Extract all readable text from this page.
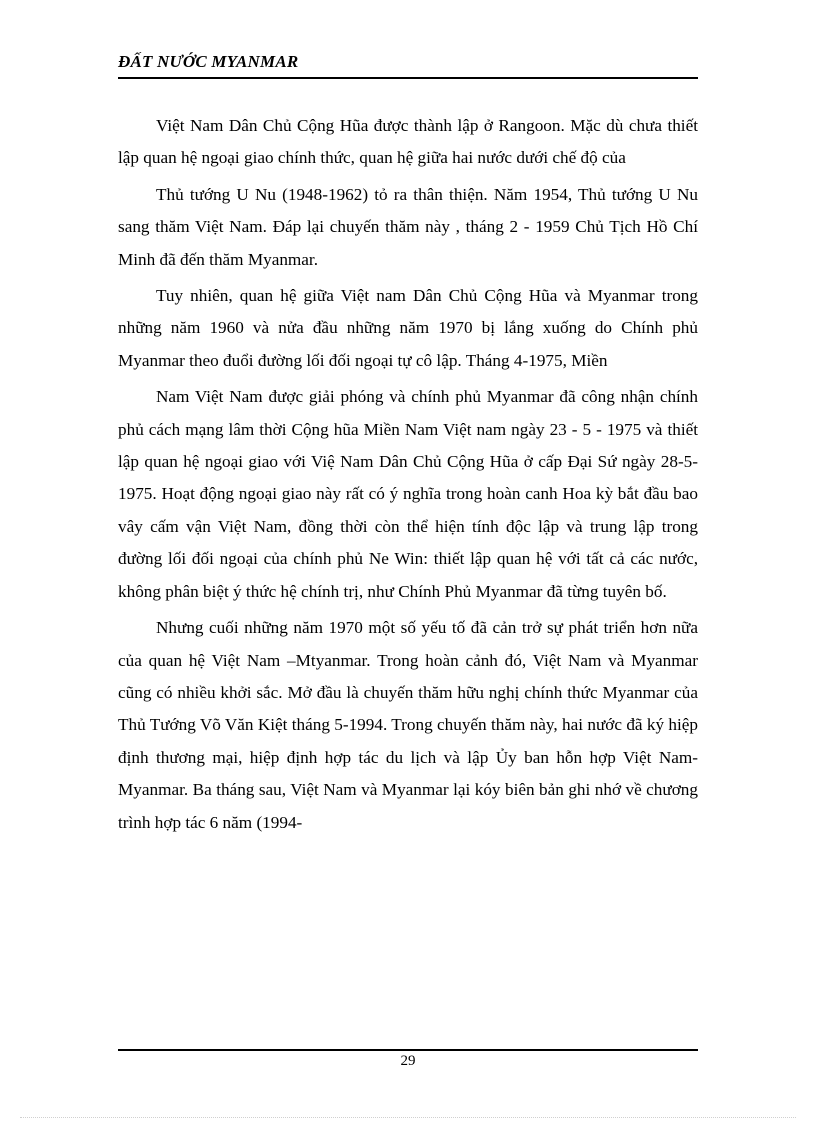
ĐẤT NƯỚC MYANMAR

Việt Nam Dân Chủ Cộng Hũa được thành lập ở Rangoon. Mặc dù chưa thiết lập quan hệ ngoại giao chính thức, quan hệ giữa hai nước dưới chế độ của

Thủ tướng U Nu (1948-1962) tỏ ra thân thiện. Năm 1954, Thủ tướng U Nu sang thăm Việt Nam. Đáp lại chuyến thăm này , tháng 2 - 1959 Chủ Tịch Hồ Chí Minh đã đến thăm Myanmar.

Tuy nhiên, quan hệ giữa Việt nam Dân Chủ Cộng Hũa và Myanmar trong những năm 1960 và nửa đầu những năm 1970 bị lắng xuống do Chính phủ Myanmar theo đuổi đường lối đối ngoại tự cô lập. Tháng 4-1975, Miền

Nam Việt Nam được giải phóng và chính phủ Myanmar đã công nhận chính phủ cách mạng lâm thời Cộng hũa Miền Nam Việt nam ngày 23 - 5 - 1975 và thiết lập quan hệ ngoại giao với Việ Nam Dân Chủ Cộng Hũa ở cấp Đại Sứ ngày 28-5-1975. Hoạt động ngoại giao này rất có ý nghĩa trong hoàn canh Hoa kỳ bắt đầu bao vây cấm vận Việt Nam, đồng thời còn thể hiện tính độc lập và trung lập trong đường lối đối ngoại của chính phủ Ne Win: thiết lập quan hệ với tất cả các nước, không phân biệt ý thức hệ chính trị, như Chính Phủ Myanmar đã từng tuyên bố.

Nhưng cuối những năm 1970 một số yếu tố đã cản trở sự phát triển hơn nữa của quan hệ Việt Nam –Mtyanmar. Trong hoàn cảnh đó, Việt Nam và Myanmar cũng có nhiều khởi sắc. Mở đầu là chuyến thăm hữu nghị chính thức Myanmar của Thủ Tướng Võ Văn Kiệt tháng 5-1994. Trong chuyến thăm này, hai nước đã ký hiệp định thương mại, hiệp định hợp tác du lịch và lập Ủy ban hỗn hợp Việt Nam-Myanmar. Ba tháng sau, Việt Nam và Myanmar lại kóy biên bản ghi nhớ về chương trình hợp tác 6 năm (1994-

29
